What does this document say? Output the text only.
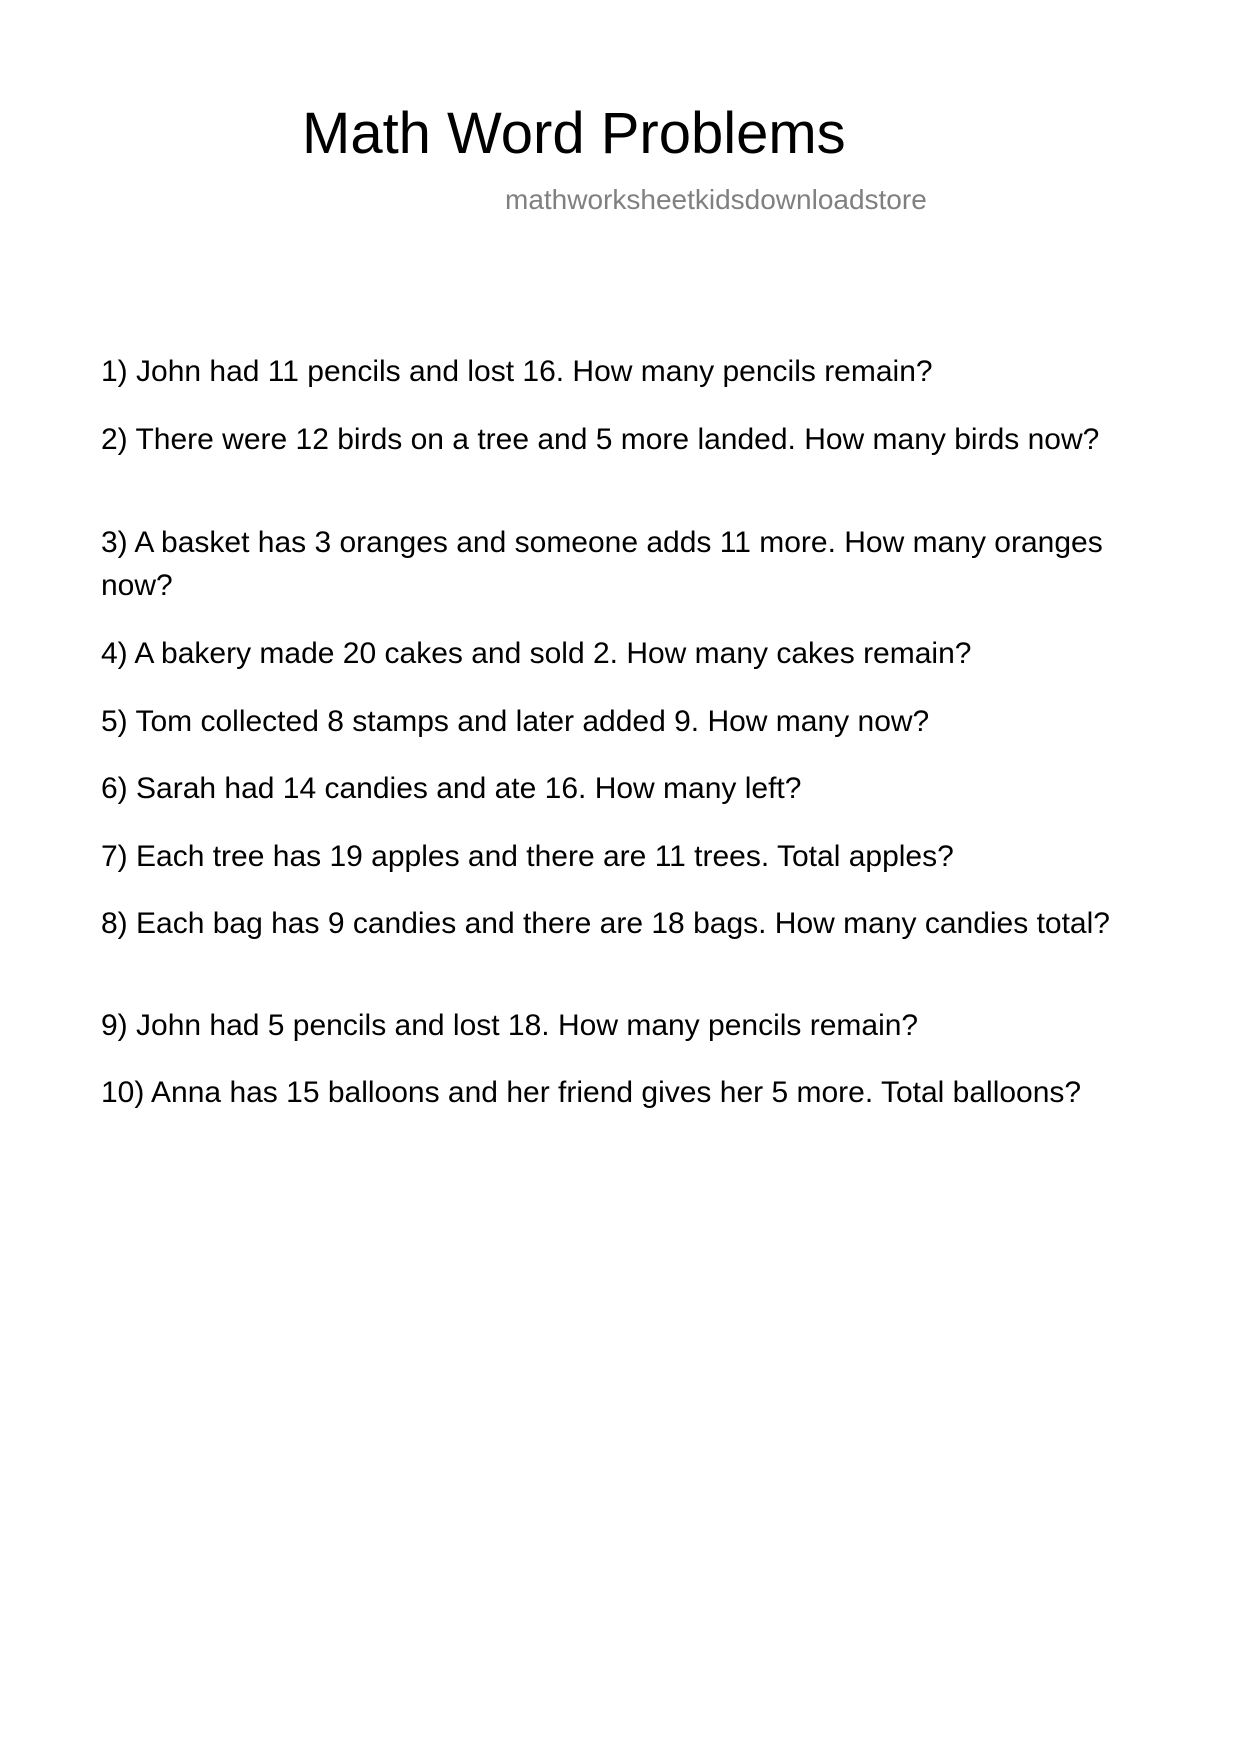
Math Word Problems
mathworksheetkidsdownloadstore

1) John had 11 pencils and lost 16. How many pencils remain?

2) There were 12 birds on a tree and 5 more landed. How many birds now?

3) A basket has 3 oranges and someone adds 11 more. How many oranges now?

4) A bakery made 20 cakes and sold 2. How many cakes remain?

5) Tom collected 8 stamps and later added 9. How many now?

6) Sarah had 14 candies and ate 16. How many left?

7) Each tree has 19 apples and there are 11 trees. Total apples?

8) Each bag has 9 candies and there are 18 bags. How many candies total?

9) John had 5 pencils and lost 18. How many pencils remain?

10) Anna has 15 balloons and her friend gives her 5 more. Total balloons?
